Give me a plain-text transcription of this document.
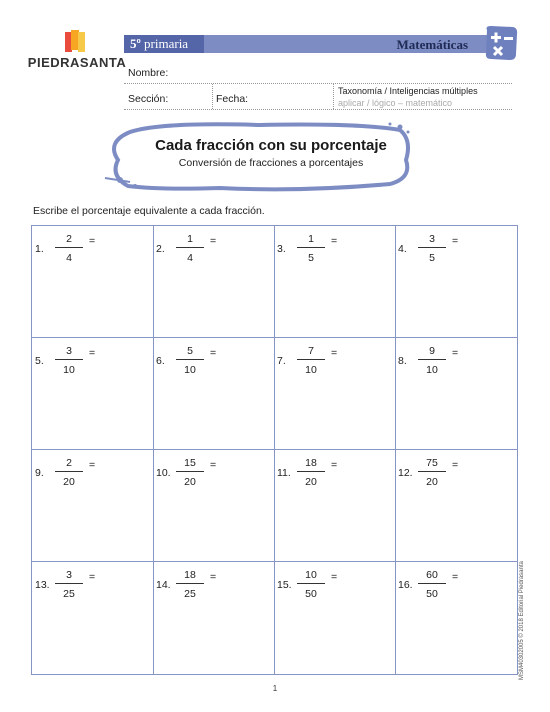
PIEDRASANTA
5º primaria	Matemáticas
Nombre:
Sección:	Fecha:
Taxonomía / Inteligencias múltiples
aplicar / lógico – matemático
Cada fracción con su porcentaje
Conversión de fracciones a porcentajes
Escribe el porcentaje equivalente a cada fracción.
1.	$\frac{2}{4}$ =
2.	$\frac{1}{4}$ =
3.	$\frac{1}{5}$ =
4.	$\frac{3}{5}$ =
5.	$\frac{3}{10}$ =
6.	$\frac{5}{10}$ =
7.	$\frac{7}{10}$ =
8.	$\frac{9}{10}$ =
9.	$\frac{2}{20}$ =
10. $\frac{15}{20}$ =
11. $\frac{18}{20}$ =
12. $\frac{75}{20}$ =
13. $\frac{3}{25}$ =
14. $\frac{18}{25}$ =
15. $\frac{10}{50}$ =
16. $\frac{60}{50}$ =	MSM40302005 © 2018 Editorial Piedrasanta
1
